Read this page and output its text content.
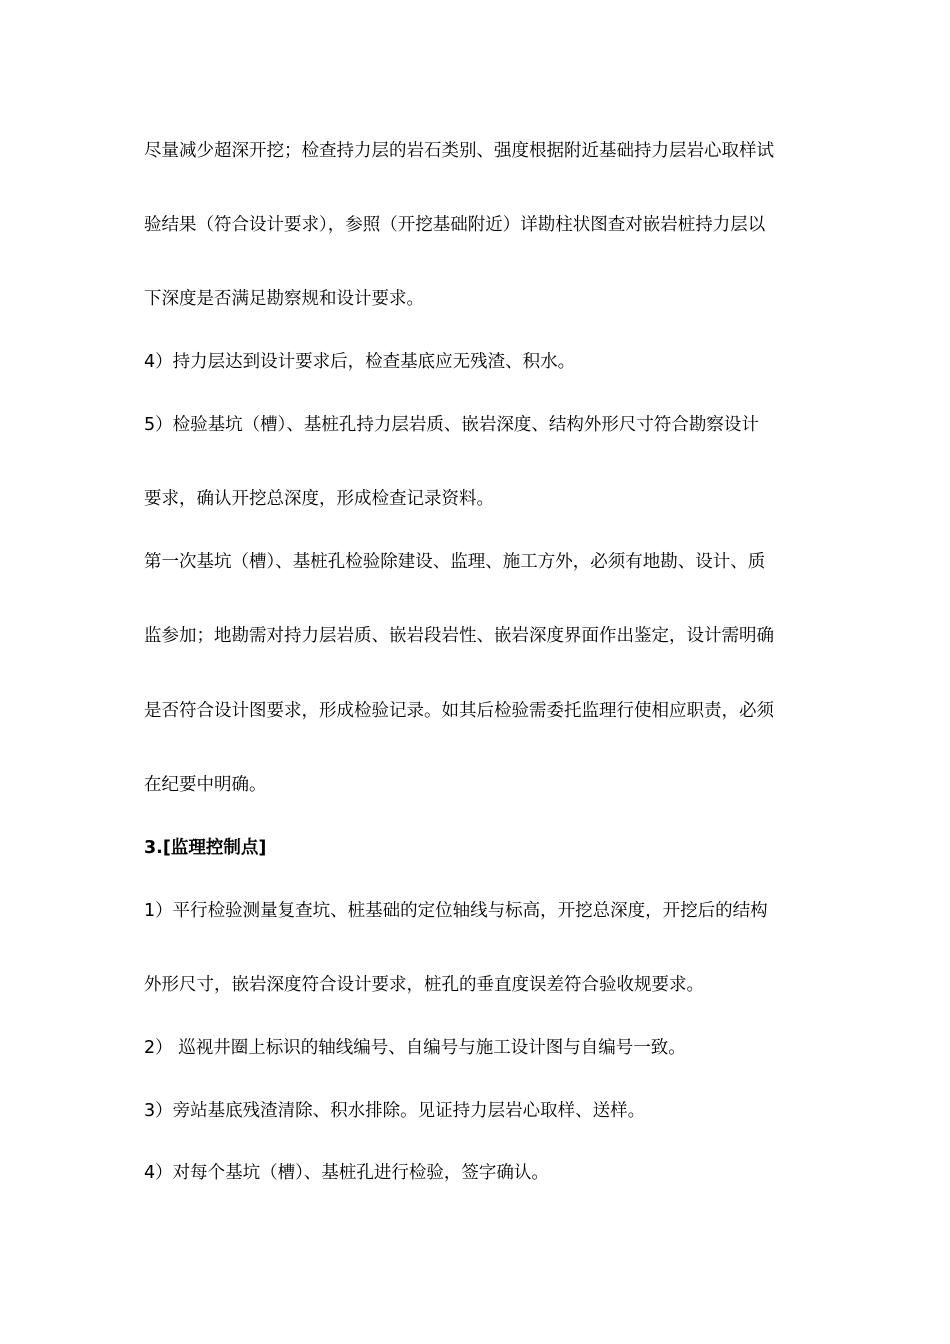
尽量减少超深开挖；检查持力层的岩石类别、强度根据附近基础持力层岩心取样试
验结果（符合设计要求），参照（开挖基础附近）详勘柱状图查对嵌岩桩持力层以
下深度是否满足勘察规和设计要求。
4）持力层达到设计要求后，检查基底应无残渣、积水。
5）检验基坑（槽）、基桩孔持力层岩质、嵌岩深度、结构外形尺寸符合勘察设计
要求，确认开挖总深度，形成检查记录资料。
第一次基坑（槽）、基桩孔检验除建设、监理、施工方外，必须有地勘、设计、质
监参加；地勘需对持力层岩质、嵌岩段岩性、嵌岩深度界面作出鉴定，设计需明确
是否符合设计图要求，形成检验记录。如其后检验需委托监理行使相应职责，必须
在纪要中明确。
3.[监理控制点]
1）平行检验测量复查坑、桩基础的定位轴线与标高，开挖总深度，开挖后的结构
外形尺寸，嵌岩深度符合设计要求，桩孔的垂直度误差符合验收规要求。
2） 巡视井圈上标识的轴线编号、自编号与施工设计图与自编号一致。
3）旁站基底残渣清除、积水排除。见证持力层岩心取样、送样。
4）对每个基坑（槽）、基桩孔进行检验，签字确认。
